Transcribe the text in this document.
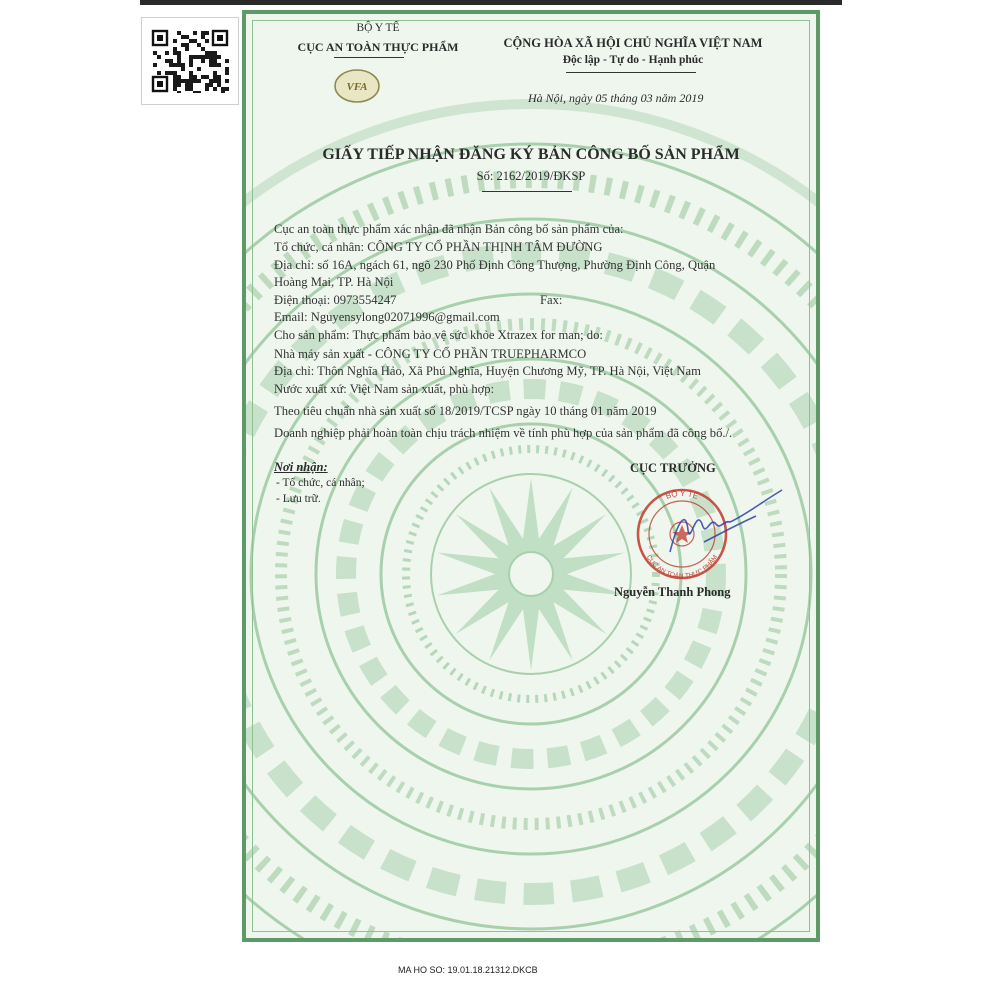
BỘ Y TẾ
CỤC AN TOÀN THỰC PHẨM
VFA
CỘNG HÒA XÃ HỘI CHỦ NGHĨA VIỆT NAM
Độc lập - Tự do - Hạnh phúc
Hà Nội, ngày 05 tháng 03 năm 2019
GIẤY TIẾP NHẬN ĐĂNG KÝ BẢN CÔNG BỐ SẢN PHẨM
Số: 2162/2019/ĐKSP
Cục an toàn thực phẩm xác nhận đã nhận Bản công bố sản phẩm của:
Tổ chức, cá nhân: CÔNG TY CỔ PHẦN THỊNH TÂM ĐƯỜNG
Địa chỉ: số 16A, ngách 61, ngõ 230 Phố Định Công Thượng, Phường Định Công, Quận
Hoàng Mai, TP. Hà Nội
Điện thoại: 0973554247	Fax:
Email: Nguyensylong02071996@gmail.com
Cho sản phẩm: Thực phẩm bảo vệ sức khỏe Xtrazex for man; do:
Nhà máy sản xuất - CÔNG TY CỔ PHẦN TRUEPHARMCO
Địa chỉ: Thôn Nghĩa Hảo, Xã Phú Nghĩa, Huyện Chương Mỹ, TP. Hà Nội, Việt Nam
Nước xuất xứ: Việt Nam sản xuất, phù hợp:
Theo tiêu chuẩn nhà sản xuất số 18/2019/TCSP ngày 10 tháng 01 năm 2019
Doanh nghiệp phải hoàn toàn chịu trách nhiệm về tính phù hợp của sản phẩm đã công bố./.
Nơi nhận:
- Tổ chức, cá nhân;
- Lưu trữ.
CỤC TRƯỞNG
BỘ Y TẾ
CỤC AN TOÀN THỰC PHẨM
Nguyễn Thanh Phong
MA HO SO: 19.01.18.21312.DKCB
